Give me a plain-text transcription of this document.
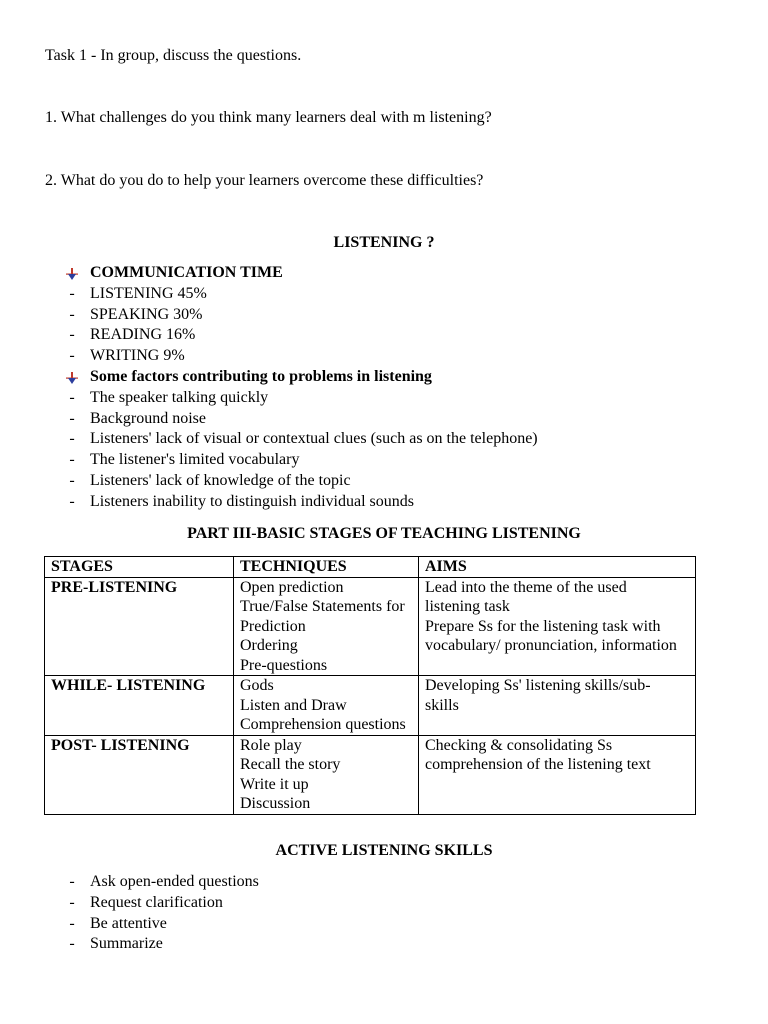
Task 1 - In group, discuss the questions.
1. What challenges do you think many learners deal with m listening?
2. What do you do to help your learners overcome these difficulties?
LISTENING ?
COMMUNICATION TIME
- LISTENING 45%
- SPEAKING 30%
- READING 16%
- WRITING 9%
Some factors contributing to problems in listening
- The speaker talking quickly
- Background noise
- Listeners' lack of visual or contextual clues (such as on the telephone)
- The listener's limited vocabulary
- Listeners' lack of knowledge of the topic
- Listeners inability to distinguish individual sounds
PART III-BASIC STAGES OF TEACHING LISTENING
STAGES	TECHNIQUES	AIMS
PRE-LISTENING	Open prediction
True/False Statements for
Prediction
Ordering
Pre-questions	Lead into the theme of the used
listening task
Prepare Ss for the listening task with
vocabulary/ pronunciation, information

WHILE- LISTENING	Gods
Listen and Draw
Comprehension questions	Developing Ss' listening skills/sub-
skills

POST- LISTENING	Role play
Recall the story
Write it up
Discussion	Checking & consolidating Ss
comprehension of the listening text
ACTIVE LISTENING SKILLS
- Ask open-ended questions
- Request clarification
- Be attentive
- Summarize
